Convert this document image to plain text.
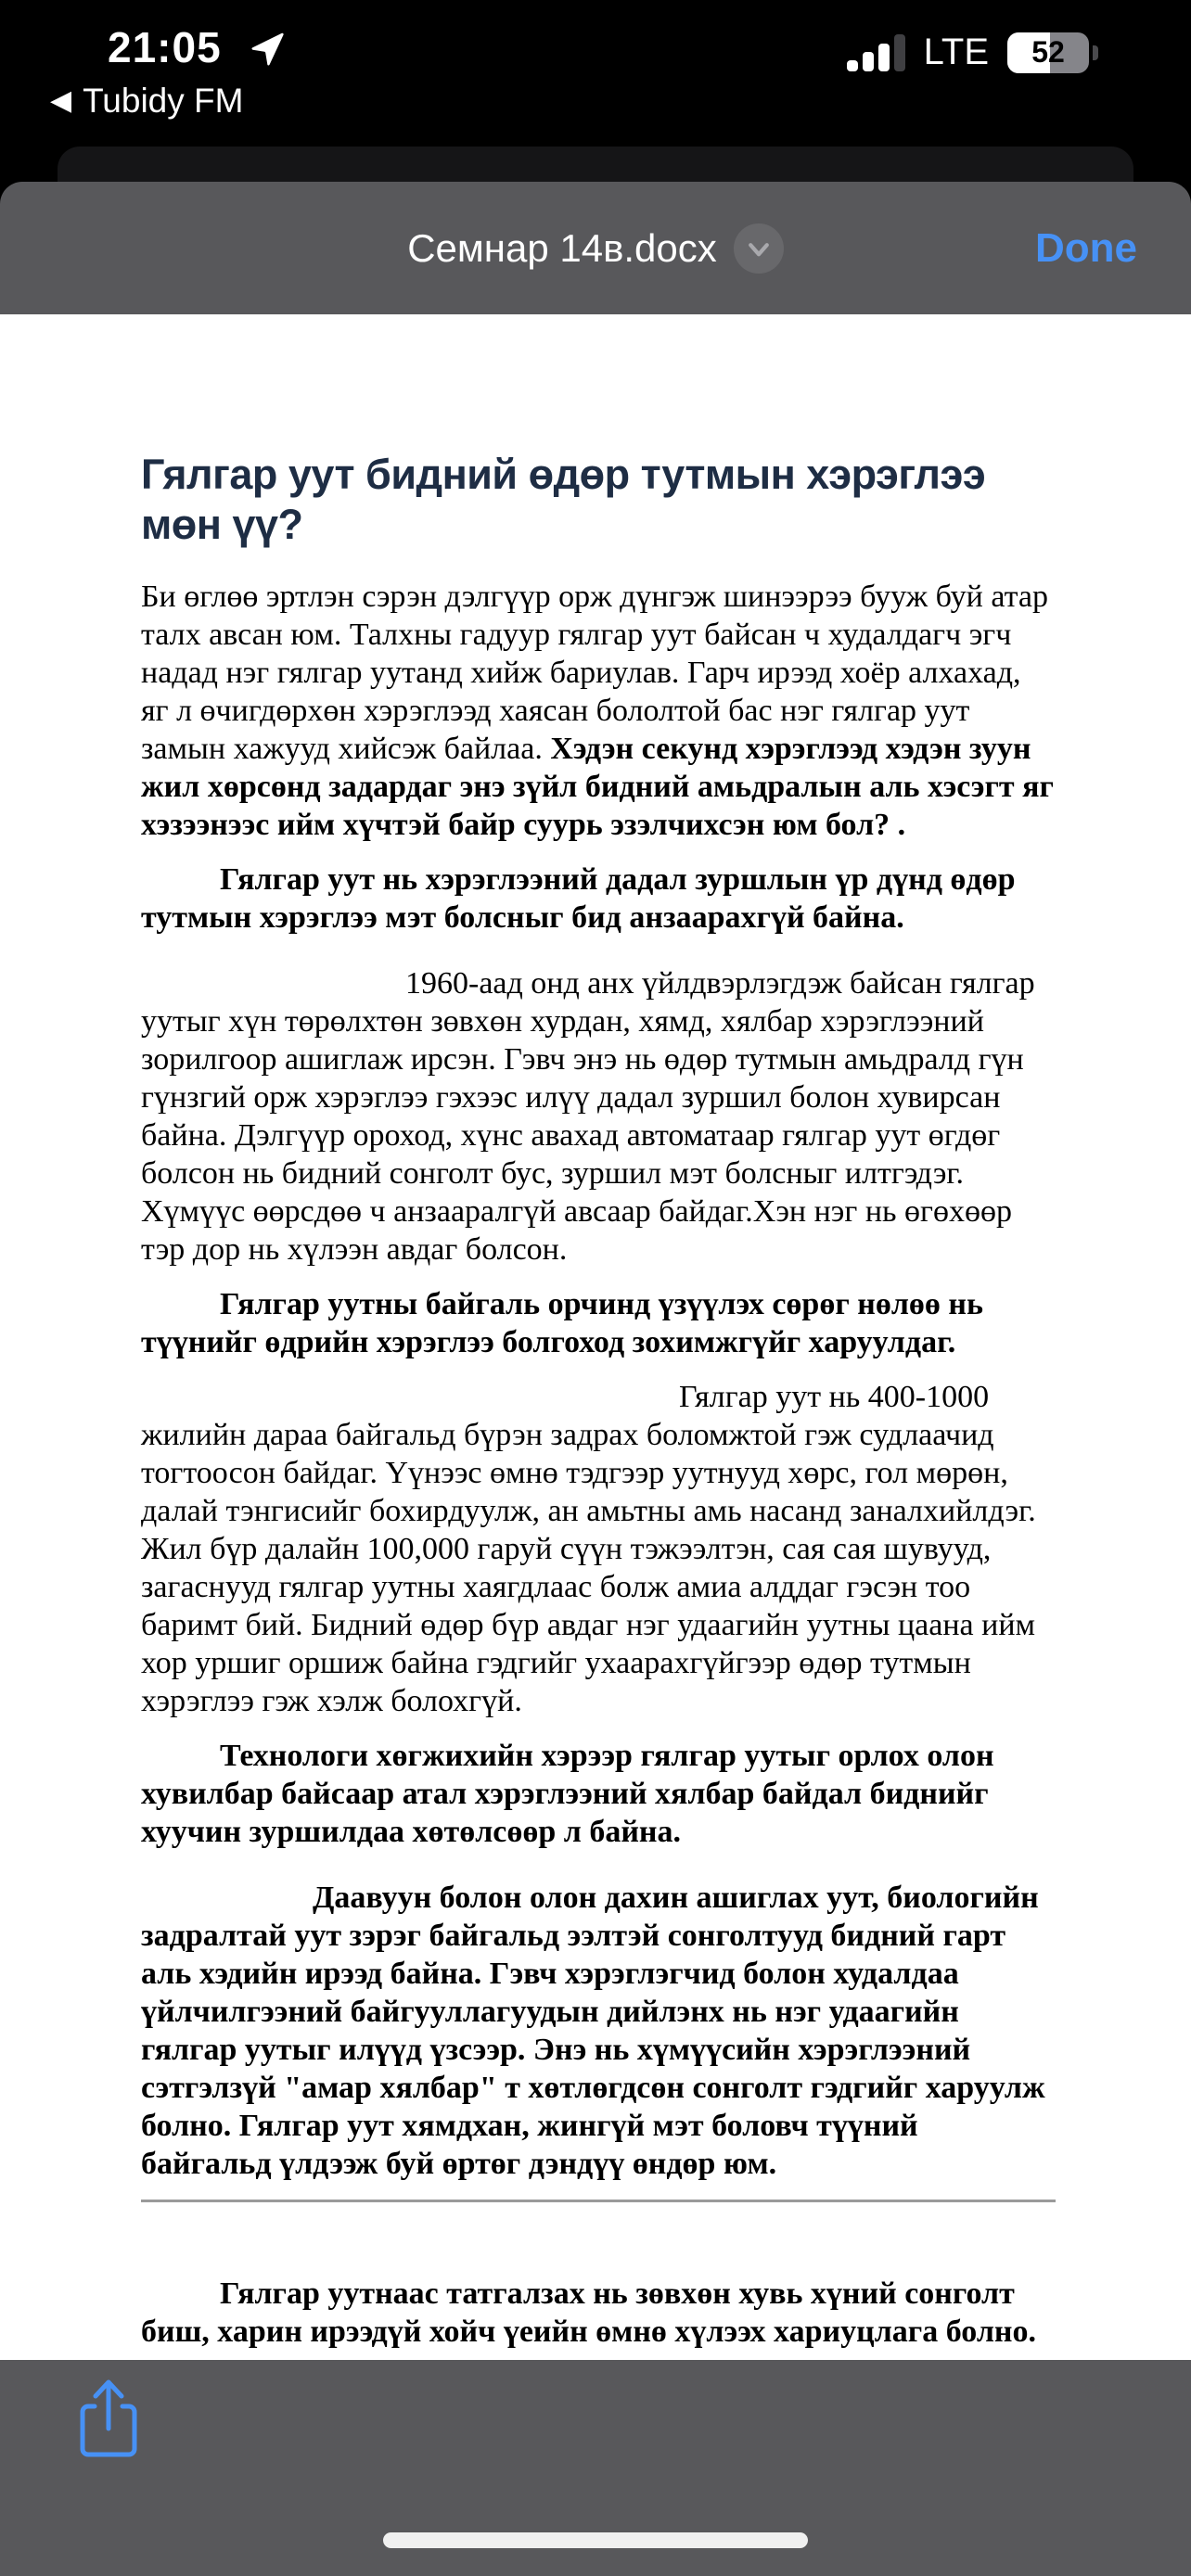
21:05	LTE	52
◀ Tubidy FM
Семнар 14в.docx	Done
Гялгар уут бидний өдөр тутмын хэрэглээ мөн үү?

Би өглөө эртлэн сэрэн дэлгүүр орж дүнгэж шинээрээ бууж буй атар талх авсан юм. Талхны гадуур гялгар уут байсан ч худалдагч эгч надад нэг гялгар уутанд хийж бариулав. Гарч ирээд хоёр алхахад, яг л өчигдөрхөн хэрэглээд хаясан бололтой бас нэг гялгар уут замын хажууд хийсэж байлаа. Хэдэн секунд хэрэглээд хэдэн зуун жил хөрсөнд задардаг энэ зүйл бидний амьдралын аль хэсэгт яг хэзээнээс ийм хүчтэй байр суурь эзэлчихсэн юм бол? .

Гялгар уут нь хэрэглээний дадал зуршлын үр дүнд өдөр тутмын хэрэглээ мэт болсныг бид анзаарахгүй байна.

1960-аад онд анх үйлдвэрлэгдэж байсан гялгар уутыг хүн төрөлхтөн зөвхөн хурдан, хямд, хялбар хэрэглээний зорилгоор ашиглаж ирсэн. Гэвч энэ нь өдөр тутмын амьдралд гүн гүнзгий орж хэрэглээ гэхээс илүү дадал зуршил болон хувирсан байна. Дэлгүүр ороход, хүнс авахад автоматаар гялгар уут өгдөг болсон нь бидний сонголт бус, зуршил мэт болсныг илтгэдэг. Хүмүүс өөрсдөө ч анзааралгүй авсаар байдаг.Хэн нэг нь өгөхөөр тэр дор нь хүлээн авдаг болсон.

Гялгар уутны байгаль орчинд үзүүлэх сөрөг нөлөө нь түүнийг өдрийн хэрэглээ болгоход зохимжгүйг харуулдаг.

Гялгар уут нь 400-1000 жилийн дараа байгальд бүрэн задрах боломжтой гэж судлаачид тогтоосон байдаг. Үүнээс өмнө тэдгээр уутнууд хөрс, гол мөрөн, далай тэнгисийг бохирдуулж, ан амьтны амь насанд заналхийлдэг. Жил бүр далайн 100,000 гаруй сүүн тэжээлтэн, сая сая шувууд, загаснууд гялгар уутны хаягдлаас болж амиа алддаг гэсэн тоо баримт бий. Бидний өдөр бүр авдаг нэг удаагийн уутны цаана ийм хор уршиг оршиж байна гэдгийг ухаарахгүйгээр өдөр тутмын хэрэглээ гэж хэлж болохгүй.

Технологи хөгжихийн хэрээр гялгар уутыг орлох олон хувилбар байсаар атал хэрэглээний хялбар байдал биднийг хуучин зуршилдаа хөтөлсөөр л байна.

Даавуун болон олон дахин ашиглах уут, биологийн задралтай уут зэрэг байгальд ээлтэй сонголтууд бидний гарт аль хэдийн ирээд байна. Гэвч хэрэглэгчид болон худалдаа үйлчилгээний байгууллагуудын дийлэнх нь нэг удаагийн гялгар уутыг илүүд үзсээр. Энэ нь хүмүүсийн хэрэглээний сэтгэлзүй "амар хялбар" т хөтлөгдсөн сонголт гэдгийг харуулж болно. Гялгар уут хямдхан, жингүй мэт боловч түүний байгальд үлдээж буй өртөг дэндүү өндөр юм.

Гялгар уутнаас татгалзах нь зөвхөн хувь хүний сонголт биш, харин ирээдүй хойч үеийн өмнө хүлээх хариуцлага болно.
